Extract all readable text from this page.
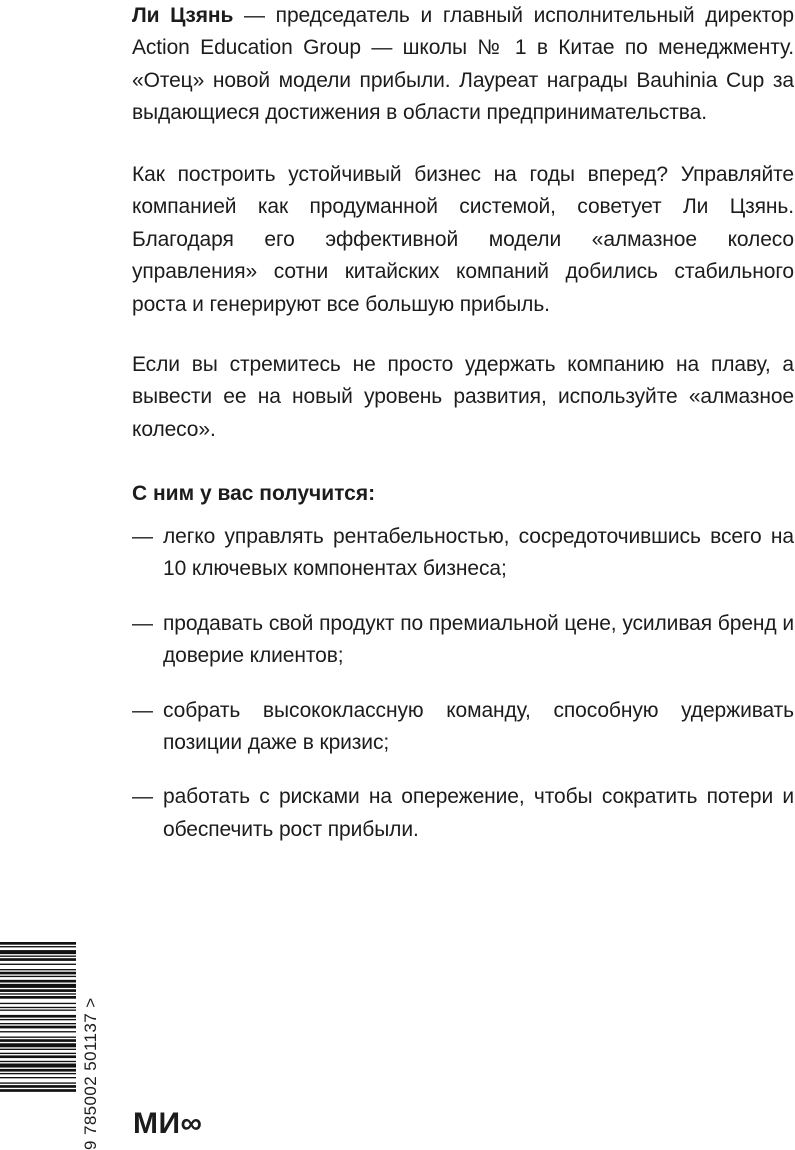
Ли Цзянь — председатель и главный исполнительный директор Action Education Group — школы № 1 в Китае по менеджменту. «Отец» новой модели прибыли. Лауреат награды Bauhinia Cup за выдающиеся достижения в области предпринимательства.

Как построить устойчивый бизнес на годы вперед? Управляйте компанией как продуманной системой, советует Ли Цзянь. Благодаря его эффективной модели «алмазное колесо управления» сотни китайских компаний добились стабильного роста и генерируют все большую прибыль.

Если вы стремитесь не просто удержать компанию на плаву, а вывести ее на новый уровень развития, используйте «алмазное колесо».

С ним у вас получится:

— легко управлять рентабельностью, сосредоточившись всего на 10 ключевых компонентах бизнеса;
— продавать свой продукт по премиальной цене, усиливая бренд и доверие клиентов;
— собрать высококлассную команду, способную удерживать позиции даже в кризис;
— работать с рисками на опережение, чтобы сократить потери и обеспечить рост прибыли.
9 785002 501137 > МИ∞
